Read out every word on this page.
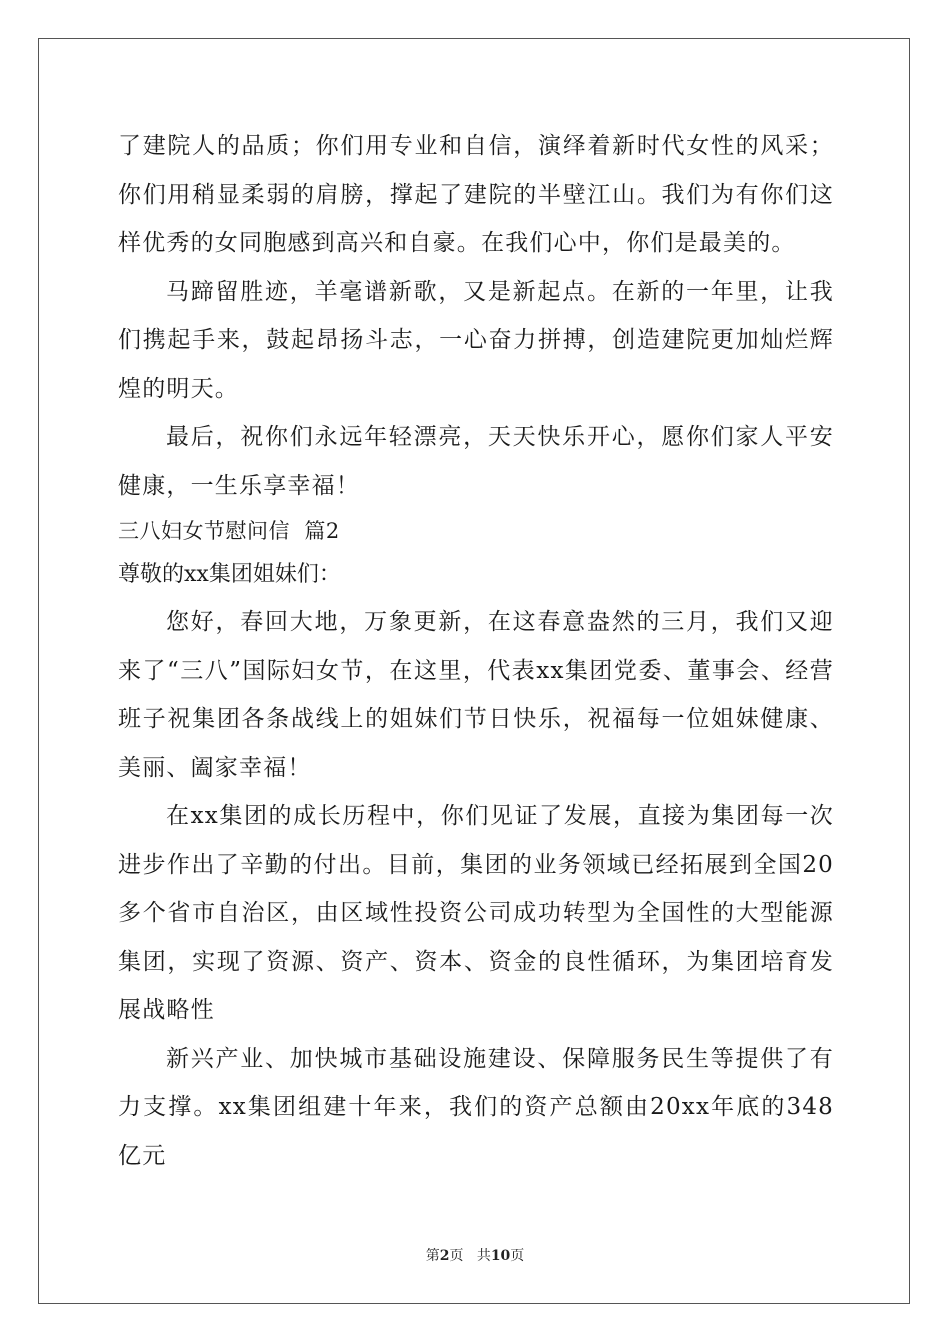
了建院人的品质；你们用专业和自信，演绎着新时代女性的风采；你们用稍显柔弱的肩膀，撑起了建院的半壁江山。我们为有你们这样优秀的女同胞感到高兴和自豪。在我们心中，你们是最美的。

马蹄留胜迹，羊毫谱新歌，又是新起点。在新的一年里，让我们携起手来，鼓起昂扬斗志，一心奋力拼搏，创造建院更加灿烂辉煌的明天。

最后，祝你们永远年轻漂亮，天天快乐开心，愿你们家人平安健康，一生乐享幸福！

三八妇女节慰问信  篇2

尊敬的xx集团姐妹们：

您好，春回大地，万象更新，在这春意盎然的三月，我们又迎来了“三八”国际妇女节，在这里，代表xx集团党委、董事会、经营班子祝集团各条战线上的姐妹们节日快乐，祝福每一位姐妹健康、美丽、阖家幸福！

在xx集团的成长历程中，你们见证了发展，直接为集团每一次进步作出了辛勤的付出。目前，集团的业务领域已经拓展到全国20多个省市自治区，由区域性投资公司成功转型为全国性的大型能源集团，实现了资源、资产、资本、资金的良性循环，为集团培育发展战略性

新兴产业、加快城市基础设施建设、保障服务民生等提供了有力支撑。xx集团组建十年来，我们的资产总额由20xx年底的348亿元

第2页 共10页
